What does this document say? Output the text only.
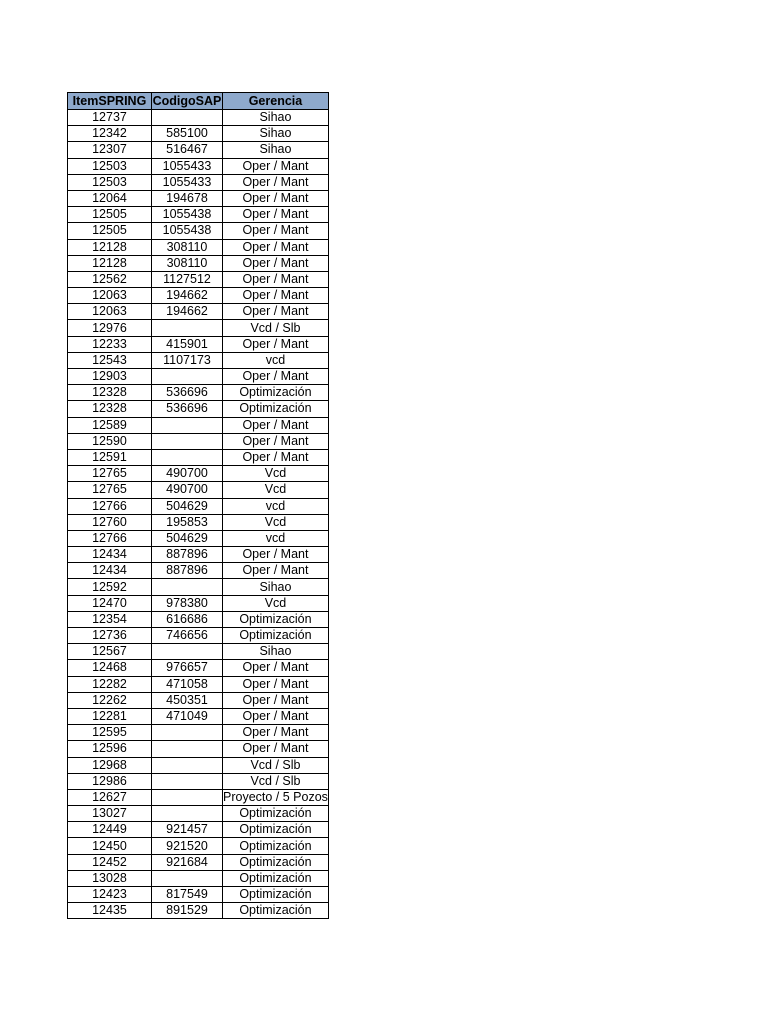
ItemSPRING	CodigoSAP	Gerencia
12737		Sihao
12342	585100	Sihao
12307	516467	Sihao
12503	1055433	Oper / Mant
12503	1055433	Oper / Mant
12064	194678	Oper / Mant
12505	1055438	Oper / Mant
12505	1055438	Oper / Mant
12128	308110	Oper / Mant
12128	308110	Oper / Mant
12562	1127512	Oper / Mant
12063	194662	Oper / Mant
12063	194662	Oper / Mant
12976		Vcd / Slb
12233	415901	Oper / Mant
12543	1107173	vcd
12903		Oper / Mant
12328	536696	Optimización
12328	536696	Optimización
12589		Oper / Mant
12590		Oper / Mant
12591		Oper / Mant
12765	490700	Vcd
12765	490700	Vcd
12766	504629	vcd
12760	195853	Vcd
12766	504629	vcd
12434	887896	Oper / Mant
12434	887896	Oper / Mant
12592		Sihao
12470	978380	Vcd
12354	616686	Optimización
12736	746656	Optimización
12567		Sihao
12468	976657	Oper / Mant
12282	471058	Oper / Mant
12262	450351	Oper / Mant
12281	471049	Oper / Mant
12595		Oper / Mant
12596		Oper / Mant
12968		Vcd / Slb
12986		Vcd / Slb
12627		Proyecto / 5 Pozos
13027		Optimización
12449	921457	Optimización
12450	921520	Optimización
12452	921684	Optimización
13028		Optimización
12423	817549	Optimización
12435	891529	Optimización
